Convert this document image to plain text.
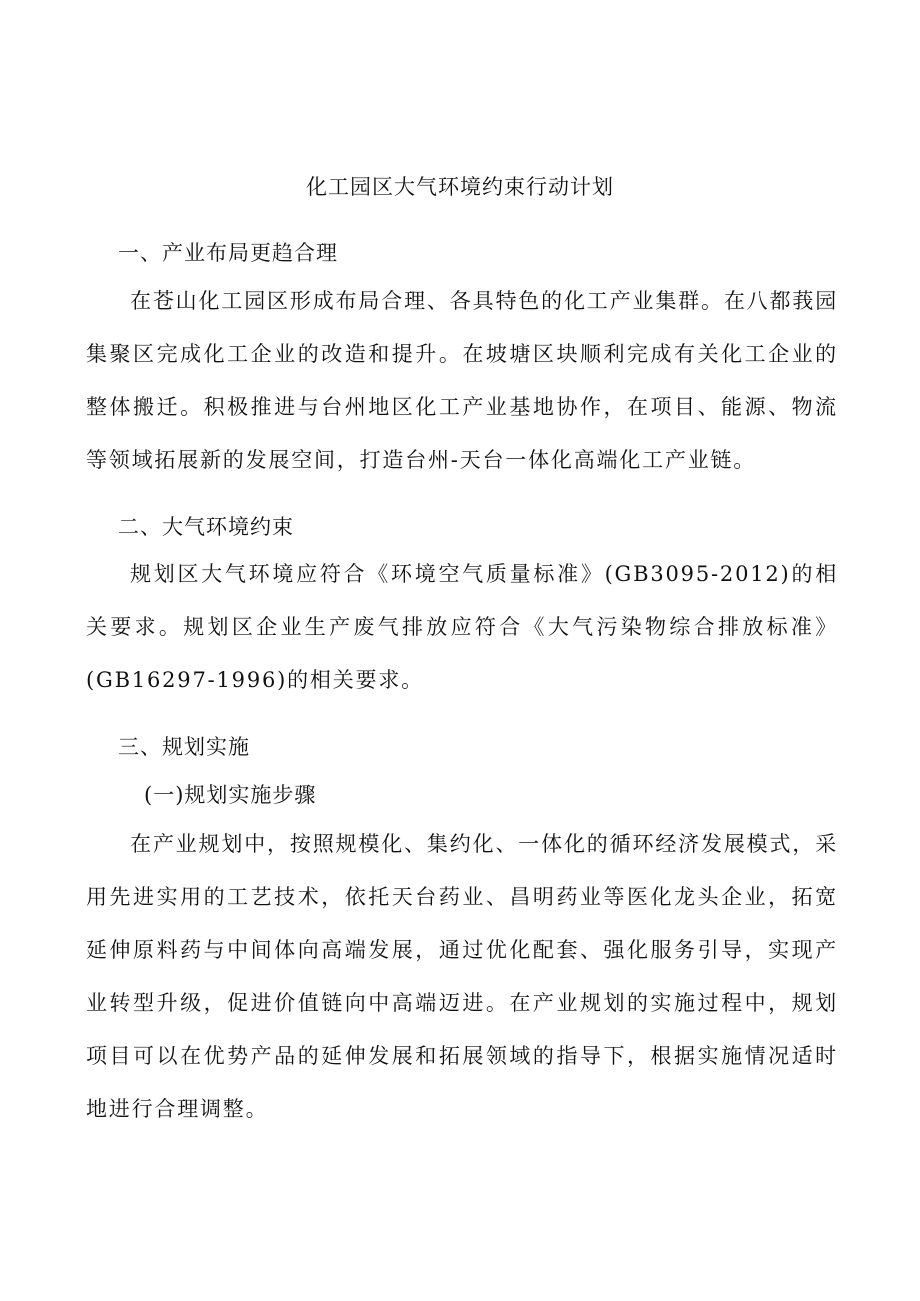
化工园区大气环境约束行动计划
一、产业布局更趋合理
在苍山化工园区形成布局合理、各具特色的化工产业集群。在八都莪园集聚区完成化工企业的改造和提升。在坡塘区块顺利完成有关化工企业的整体搬迁。积极推进与台州地区化工产业基地协作，在项目、能源、物流等领域拓展新的发展空间，打造台州-天台一体化高端化工产业链。
二、大气环境约束
规划区大气环境应符合《环境空气质量标准》(GB3095-2012)的相关要求。规划区企业生产废气排放应符合《大气污染物综合排放标准》(GB16297-1996)的相关要求。
三、规划实施
(一)规划实施步骤
在产业规划中，按照规模化、集约化、一体化的循环经济发展模式，采用先进实用的工艺技术，依托天台药业、昌明药业等医化龙头企业，拓宽延伸原料药与中间体向高端发展，通过优化配套、强化服务引导，实现产业转型升级，促进价值链向中高端迈进。在产业规划的实施过程中，规划项目可以在优势产品的延伸发展和拓展领域的指导下，根据实施情况适时地进行合理调整。
